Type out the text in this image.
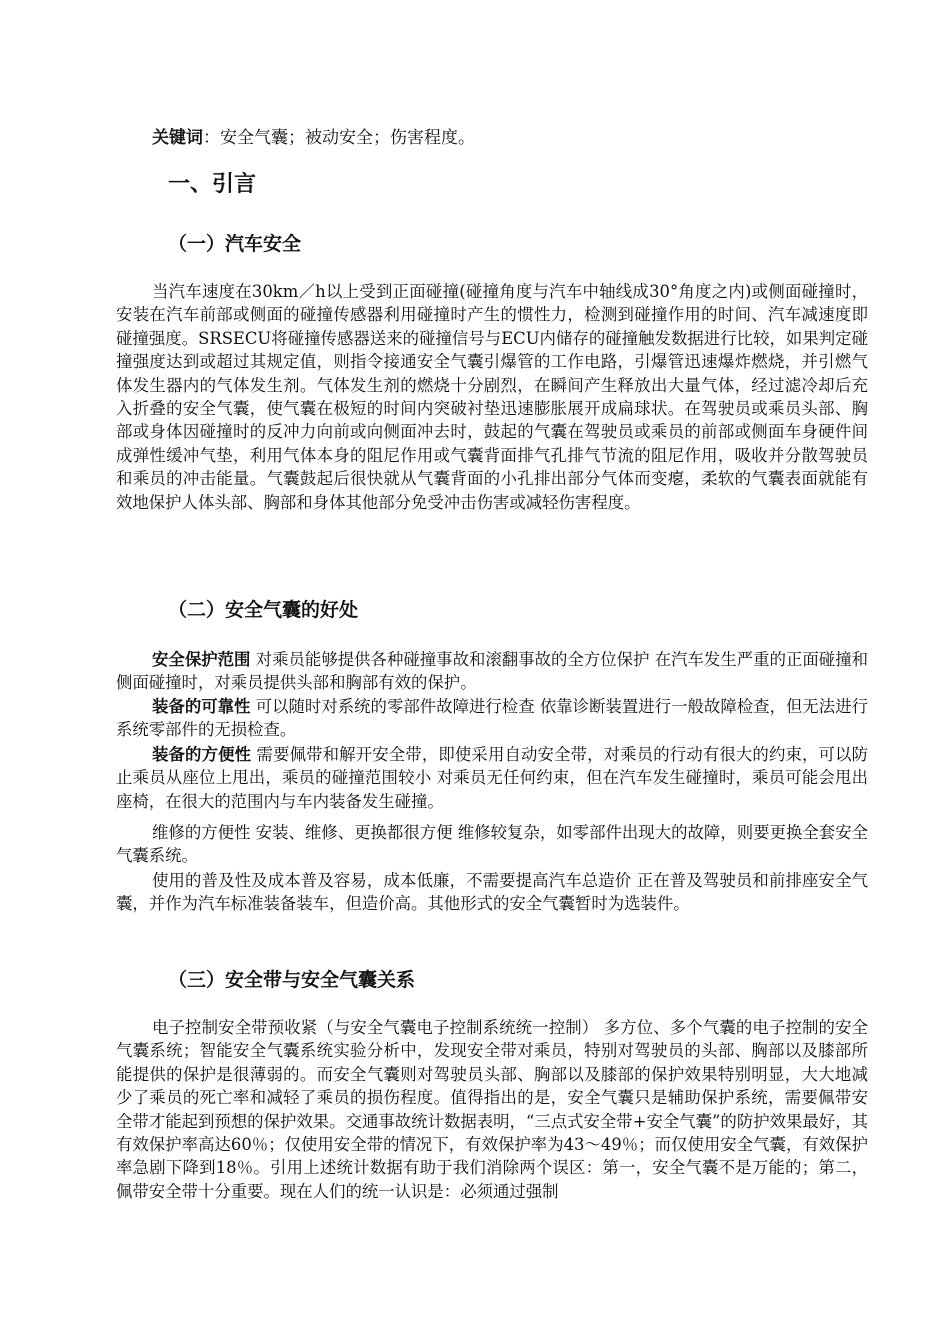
关键词：安全气囊；被动安全；伤害程度。
一、引言
（一）汽车安全

当汽车速度在30km／h以上受到正面碰撞(碰撞角度与汽车中轴线成30°角度之内)或侧面碰撞时，安装在汽车前部或侧面的碰撞传感器利用碰撞时产生的惯性力，检测到碰撞作用的时间、汽车减速度即碰撞强度。SRSECU将碰撞传感器送来的碰撞信号与ECU内储存的碰撞触发数据进行比较，如果判定碰撞强度达到或超过其规定值，则指令接通安全气囊引爆管的工作电路，引爆管迅速爆炸燃烧，并引燃气体发生器内的气体发生剂。气体发生剂的燃烧十分剧烈，在瞬间产生释放出大量气体，经过滤冷却后充入折叠的安全气囊，使气囊在极短的时间内突破衬垫迅速膨胀展开成扁球状。在驾驶员或乘员头部、胸部或身体因碰撞时的反冲力向前或向侧面冲去时，鼓起的气囊在驾驶员或乘员的前部或侧面车身硬件间成弹性缓冲气垫，利用气体本身的阻尼作用或气囊背面排气孔排气节流的阻尼作用，吸收并分散驾驶员和乘员的冲击能量。气囊鼓起后很快就从气囊背面的小孔排出部分气体而变瘪，柔软的气囊表面就能有效地保护人体头部、胸部和身体其他部分免受冲击伤害或减轻伤害程度。

（二）安全气囊的好处

安全保护范围 对乘员能够提供各种碰撞事故和滚翻事故的全方位保护 在汽车发生严重的正面碰撞和侧面碰撞时，对乘员提供头部和胸部有效的保护。

装备的可靠性 可以随时对系统的零部件故障进行检查 依靠诊断装置进行一般故障检查，但无法进行系统零部件的无损检查。

装备的方便性 需要佩带和解开安全带，即使采用自动安全带，对乘员的行动有很大的约束，可以防止乘员从座位上甩出，乘员的碰撞范围较小 对乘员无任何约束，但在汽车发生碰撞时，乘员可能会甩出座椅，在很大的范围内与车内装备发生碰撞。

维修的方便性 安装、维修、更换都很方便 维修较复杂，如零部件出现大的故障，则要更换全套安全气囊系统。

使用的普及性及成本普及容易，成本低廉，不需要提高汽车总造价 正在普及驾驶员和前排座安全气囊，并作为汽车标准装备装车，但造价高。其他形式的安全气囊暂时为选装件。

（三）安全带与安全气囊关系

电子控制安全带预收紧（与安全气囊电子控制系统统一控制） 多方位、多个气囊的电子控制的安全气囊系统；智能安全气囊系统实验分析中，发现安全带对乘员，特别对驾驶员的头部、胸部以及膝部所能提供的保护是很薄弱的。而安全气囊则对驾驶员头部、胸部以及膝部的保护效果特别明显，大大地减少了乘员的死亡率和减轻了乘员的损伤程度。值得指出的是，安全气囊只是辅助保护系统，需要佩带安全带才能起到预想的保护效果。交通事故统计数据表明，“三点式安全带+安全气囊”的防护效果最好，其有效保护率高达60％；仅使用安全带的情况下，有效保护率为43～49％；而仅使用安全气囊，有效保护率急剧下降到18％。引用上述统计数据有助于我们消除两个误区：第一，安全气囊不是万能的；第二，佩带安全带十分重要。现在人们的统一认识是：必须通过强制
